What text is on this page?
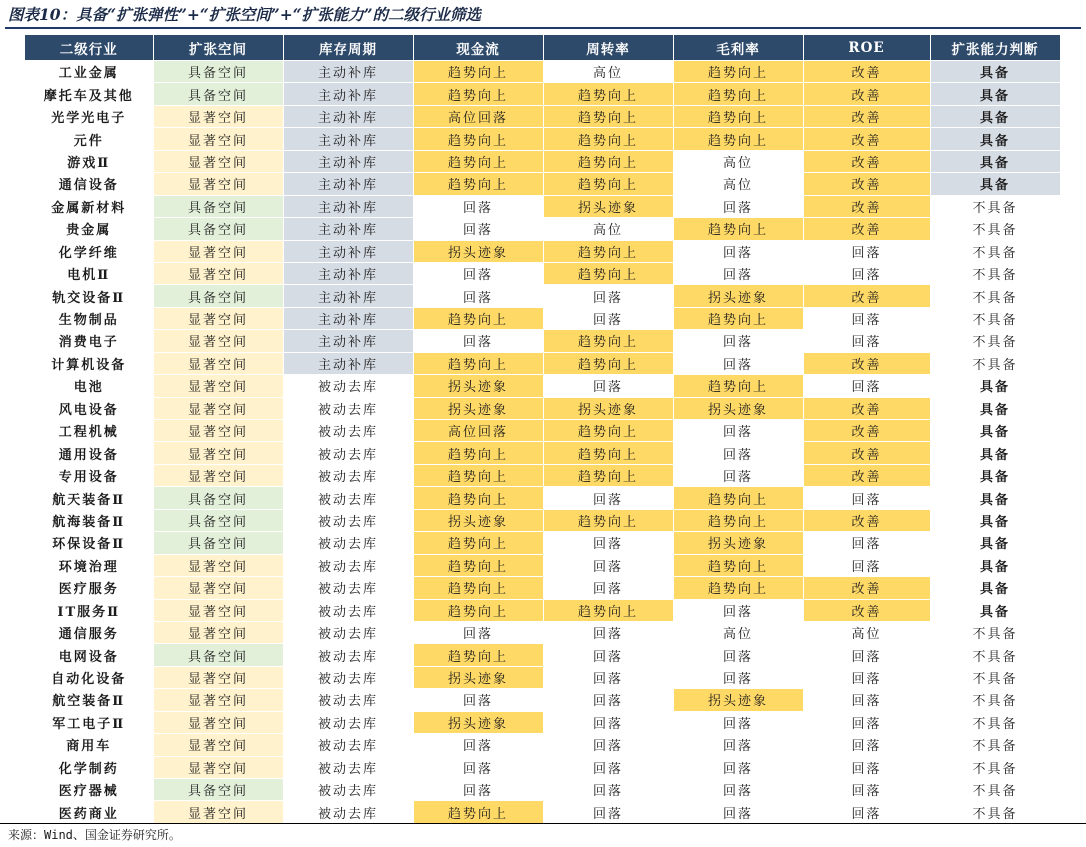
图表10：具备“扩张弹性”+“扩张空间”+“扩张能力”的二级行业筛选
二级行业	扩张空间	库存周期	现金流	周转率	毛利率	ROE	扩张能力判断
工业金属	具备空间	主动补库	趋势向上	高位	趋势向上	改善	具备
摩托车及其他	具备空间	主动补库	趋势向上	趋势向上	趋势向上	改善	具备
光学光电子	显著空间	主动补库	高位回落	趋势向上	趋势向上	改善	具备
元件	显著空间	主动补库	趋势向上	趋势向上	趋势向上	改善	具备
游戏Ⅱ	显著空间	主动补库	趋势向上	趋势向上	高位	改善	具备
通信设备	显著空间	主动补库	趋势向上	趋势向上	高位	改善	具备
金属新材料	具备空间	主动补库	回落	拐头迹象	回落	改善	不具备
贵金属	具备空间	主动补库	回落	高位	趋势向上	改善	不具备
化学纤维	显著空间	主动补库	拐头迹象	趋势向上	回落	回落	不具备
电机Ⅱ	显著空间	主动补库	回落	趋势向上	回落	回落	不具备
轨交设备Ⅱ	具备空间	主动补库	回落	回落	拐头迹象	改善	不具备
生物制品	显著空间	主动补库	趋势向上	回落	趋势向上	回落	不具备
消费电子	显著空间	主动补库	回落	趋势向上	回落	回落	不具备
计算机设备	显著空间	主动补库	趋势向上	趋势向上	回落	改善	不具备
电池	显著空间	被动去库	拐头迹象	回落	趋势向上	回落	具备
风电设备	显著空间	被动去库	拐头迹象	拐头迹象	拐头迹象	改善	具备
工程机械	显著空间	被动去库	高位回落	趋势向上	回落	改善	具备
通用设备	显著空间	被动去库	趋势向上	趋势向上	回落	改善	具备
专用设备	显著空间	被动去库	趋势向上	趋势向上	回落	改善	具备
航天装备Ⅱ	具备空间	被动去库	趋势向上	回落	趋势向上	回落	具备
航海装备Ⅱ	具备空间	被动去库	拐头迹象	趋势向上	趋势向上	改善	具备
环保设备Ⅱ	具备空间	被动去库	趋势向上	回落	拐头迹象	回落	具备
环境治理	显著空间	被动去库	趋势向上	回落	趋势向上	回落	具备
医疗服务	显著空间	被动去库	趋势向上	回落	趋势向上	改善	具备
IT服务Ⅱ	显著空间	被动去库	趋势向上	趋势向上	回落	改善	具备
通信服务	显著空间	被动去库	回落	回落	高位	高位	不具备
电网设备	具备空间	被动去库	趋势向上	回落	回落	回落	不具备
自动化设备	显著空间	被动去库	拐头迹象	回落	回落	回落	不具备
航空装备Ⅱ	显著空间	被动去库	回落	回落	拐头迹象	回落	不具备
军工电子Ⅱ	显著空间	被动去库	拐头迹象	回落	回落	回落	不具备
商用车	显著空间	被动去库	回落	回落	回落	回落	不具备
化学制药	显著空间	被动去库	回落	回落	回落	回落	不具备
医疗器械	具备空间	被动去库	回落	回落	回落	回落	不具备
医药商业	显著空间	被动去库	趋势向上	回落	回落	回落	不具备
来源：Wind、国金证券研究所。
